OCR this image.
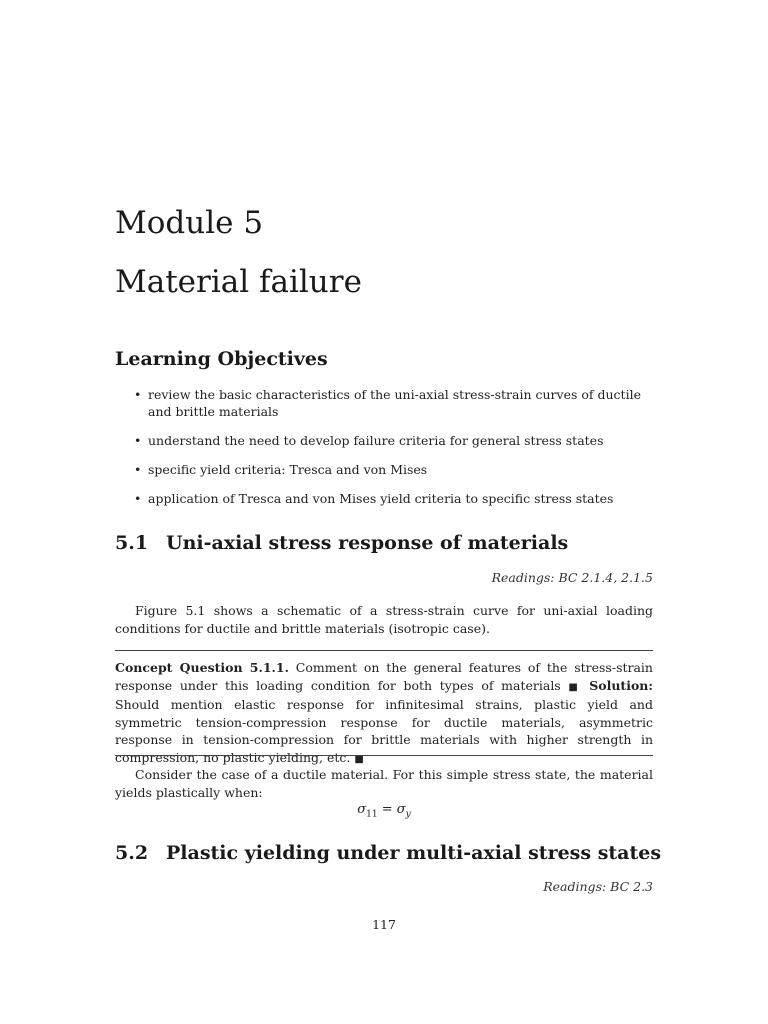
Module 5
Material failure
Learning Objectives
• review the basic characteristics of the uni-axial stress-strain curves of ductile and brittle materials
• understand the need to develop failure criteria for general stress states
• specific yield criteria: Tresca and von Mises
• application of Tresca and von Mises yield criteria to specific stress states
5.1 Uni-axial stress response of materials
Readings: BC 2.1.4, 2.1.5

Figure 5.1 shows a schematic of a stress-strain curve for uni-axial loading conditions for ductile and brittle materials (isotropic case).

Concept Question 5.1.1. Comment on the general features of the stress-strain response under this loading condition for both types of materials ■ Solution: Should mention elastic response for infinitesimal strains, plastic yield and symmetric tension-compression response for ductile materials, asymmetric response in tension-compression for brittle materials with higher strength in compression, no plastic yielding, etc. ■

Consider the case of a ductile material. For this simple stress state, the material yields plastically when:

$\sigma_{11} = \sigma_y$
5.2 Plastic yielding under multi-axial stress states
Readings: BC 2.3
117
